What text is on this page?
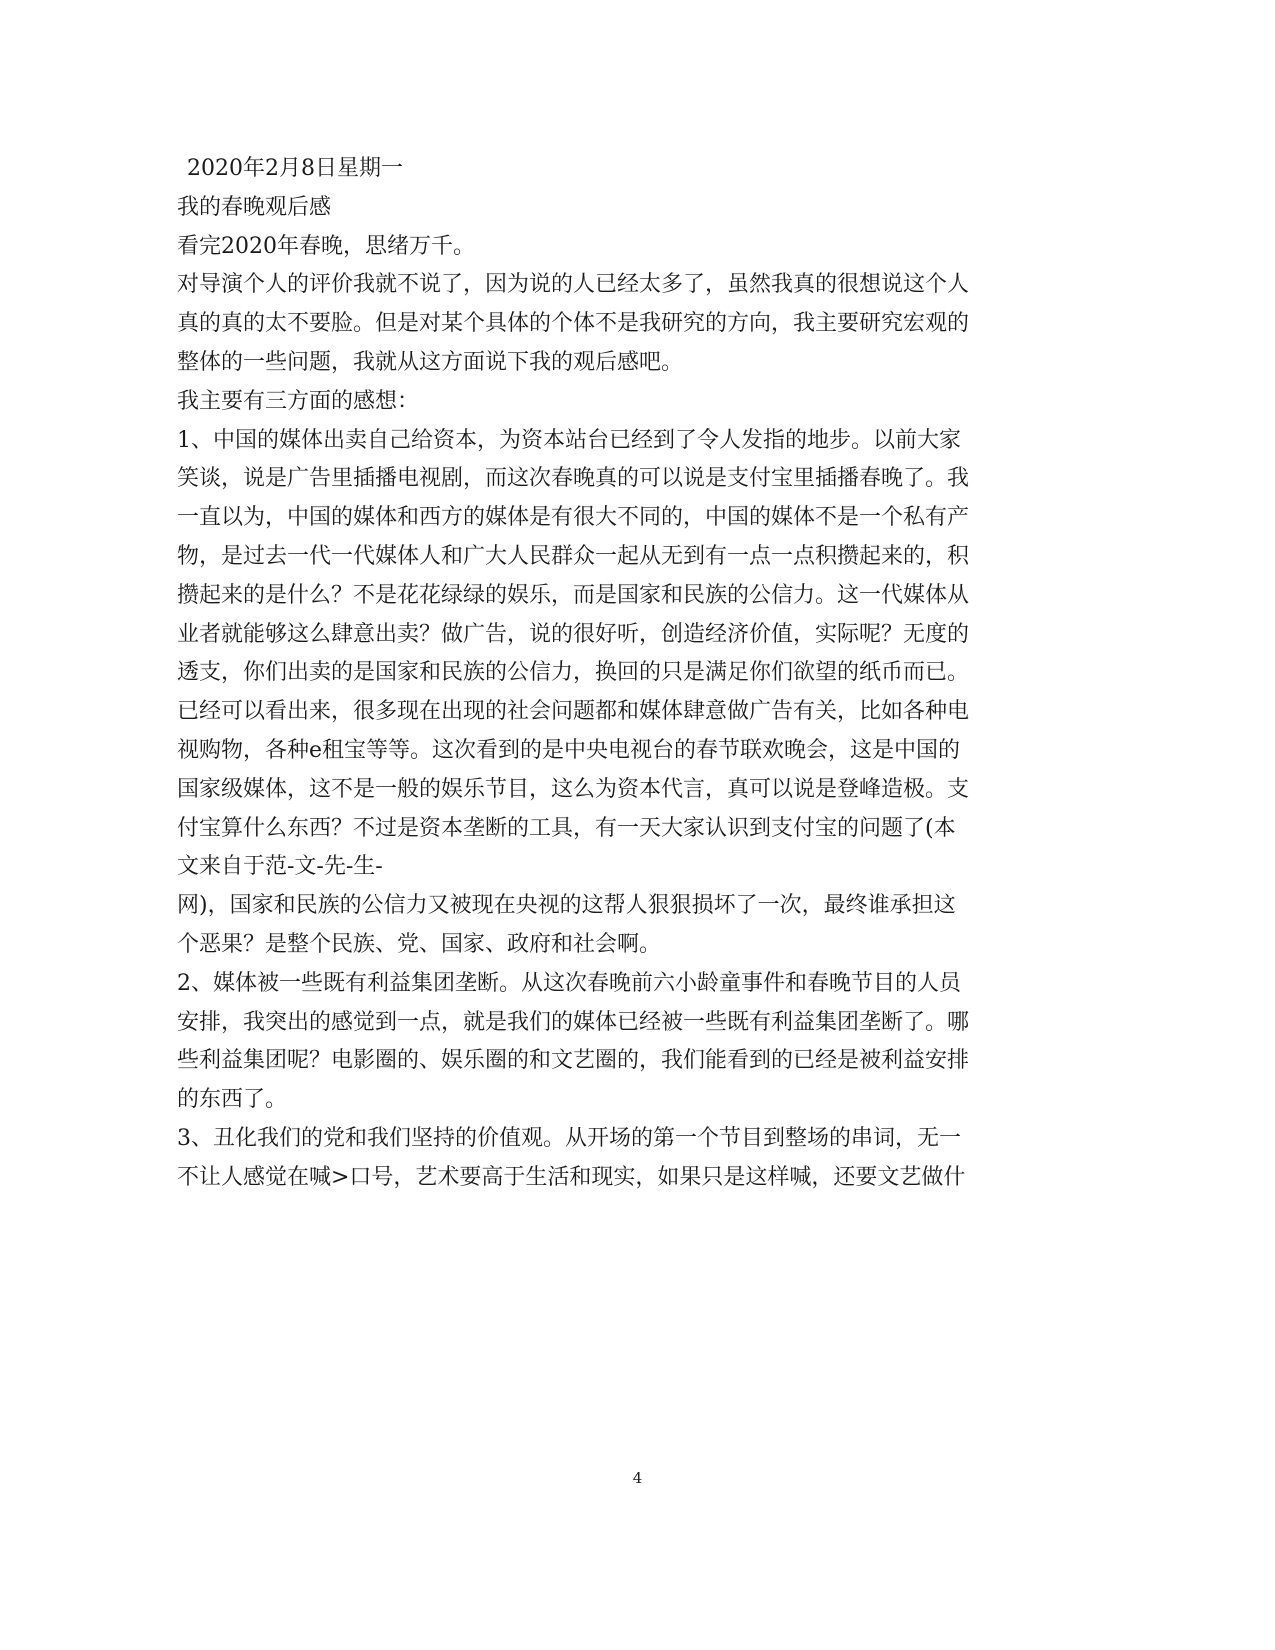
2020年2月8日星期一
我的春晚观后感
看完2020年春晚，思绪万千。
对导演个人的评价我就不说了，因为说的人已经太多了，虽然我真的很想说这个人
真的真的太不要脸。但是对某个具体的个体不是我研究的方向，我主要研究宏观的
整体的一些问题，我就从这方面说下我的观后感吧。
我主要有三方面的感想：
1、中国的媒体出卖自己给资本，为资本站台已经到了令人发指的地步。以前大家
笑谈，说是广告里插播电视剧，而这次春晚真的可以说是支付宝里插播春晚了。我
一直以为，中国的媒体和西方的媒体是有很大不同的，中国的媒体不是一个私有产
物，是过去一代一代媒体人和广大人民群众一起从无到有一点一点积攒起来的，积
攒起来的是什么？不是花花绿绿的娱乐，而是国家和民族的公信力。这一代媒体从
业者就能够这么肆意出卖？做广告，说的很好听，创造经济价值，实际呢？无度的
透支，你们出卖的是国家和民族的公信力，换回的只是满足你们欲望的纸币而已。
已经可以看出来，很多现在出现的社会问题都和媒体肆意做广告有关，比如各种电
视购物，各种e租宝等等。这次看到的是中央电视台的春节联欢晚会，这是中国的
国家级媒体，这不是一般的娱乐节目，这么为资本代言，真可以说是登峰造极。支
付宝算什么东西？不过是资本垄断的工具，有一天大家认识到支付宝的问题了(本
文来自于范-文-先-生-
网)，国家和民族的公信力又被现在央视的这帮人狠狠损坏了一次，最终谁承担这
个恶果？是整个民族、党、国家、政府和社会啊。
2、媒体被一些既有利益集团垄断。从这次春晚前六小龄童事件和春晚节目的人员
安排，我突出的感觉到一点，就是我们的媒体已经被一些既有利益集团垄断了。哪
些利益集团呢？电影圈的、娱乐圈的和文艺圈的，我们能看到的已经是被利益安排
的东西了。
3、丑化我们的党和我们坚持的价值观。从开场的第一个节目到整场的串词，无一
不让人感觉在喊>口号，艺术要高于生活和现实，如果只是这样喊，还要文艺做什
4
